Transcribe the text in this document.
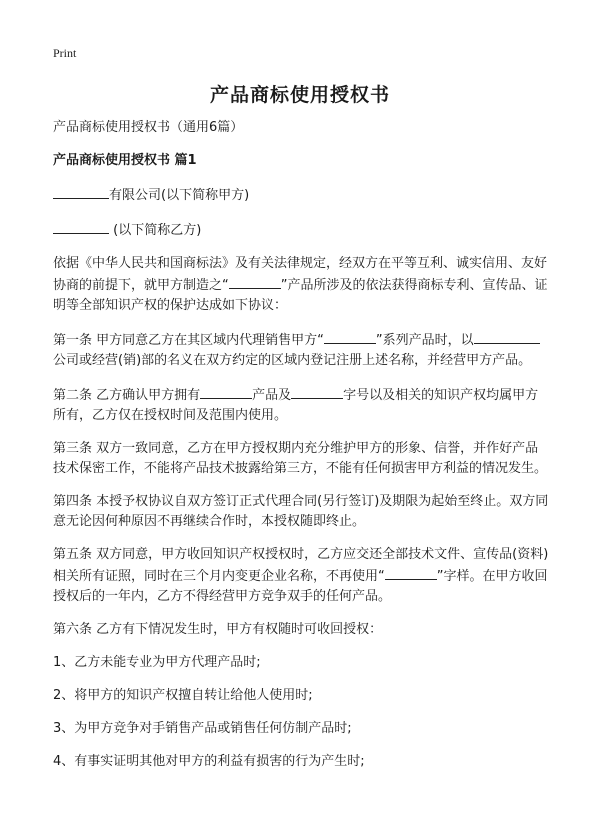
Print
产品商标使用授权书

产品商标使用授权书（通用6篇）

产品商标使用授权书 篇1

有限公司(以下简称甲方)

(以下简称乙方)

依据《中华人民共和国商标法》及有关法律规定，经双方在平等互利、诚实信用、友好协商的前提下，就甲方制造之“	”产品所涉及的依法获得商标专利、宣传品、证明等全部知识产权的保护达成如下协议：

第一条 甲方同意乙方在其区域内代理销售甲方“	”系列产品时，以公司或经营(销)部的名义在双方约定的区域内登记注册上述名称，并经营甲方产品。

第二条 乙方确认甲方拥有	产品及	字号以及相关的知识产权均属甲方所有，乙方仅在授权时间及范围内使用。

第三条 双方一致同意，乙方在甲方授权期内充分维护甲方的形象、信誉，并作好产品技术保密工作，不能将产品技术披露给第三方，不能有任何损害甲方利益的情况发生。

第四条 本授予权协议自双方签订正式代理合同(另行签订)及期限为起始至终止。双方同意无论因何种原因不再继续合作时，本授权随即终止。

第五条 双方同意，甲方收回知识产权授权时，乙方应交还全部技术文件、宣传品(资料)相关所有证照，同时在三个月内变更企业名称，不再使用“	”字样。在甲方收回授权后的一年内，乙方不得经营甲方竞争双手的任何产品。

第六条 乙方有下情况发生时，甲方有权随时可收回授权：

1、乙方未能专业为甲方代理产品时;

2、将甲方的知识产权擅自转让给他人使用时;

3、为甲方竞争对手销售产品或销售任何仿制产品时;

4、有事实证明其他对甲方的利益有损害的行为产生时;
